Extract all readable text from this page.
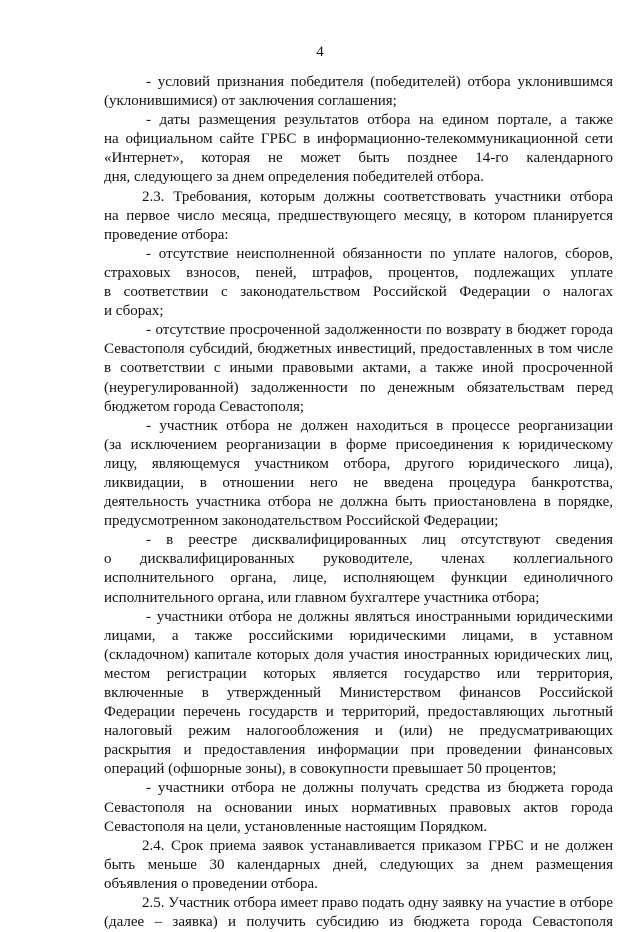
4
- условий признания победителя (победителей) отбора уклонившимся
(уклонившимися) от заключения соглашения;
- даты размещения результатов отбора на едином портале, а также
на официальном сайте ГРБС в информационно-телекоммуникационной сети
«Интернет», которая не может быть позднее 14-го календарного
дня, следующего за днем определения победителей отбора.
2.3. Требования, которым должны соответствовать участники отбора
на первое число месяца, предшествующего месяцу, в котором планируется
проведение отбора:
- отсутствие неисполненной обязанности по уплате налогов, сборов,
страховых взносов, пеней, штрафов, процентов, подлежащих уплате
в соответствии с законодательством Российской Федерации о налогах
и сборах;
- отсутствие просроченной задолженности по возврату в бюджет города
Севастополя субсидий, бюджетных инвестиций, предоставленных в том числе
в соответствии с иными правовыми актами, а также иной просроченной
(неурегулированной) задолженности по денежным обязательствам перед
бюджетом города Севастополя;
- участник отбора не должен находиться в процессе реорганизации
(за исключением реорганизации в форме присоединения к юридическому
лицу, являющемуся участником отбора, другого юридического лица),
ликвидации, в отношении него не введена процедура банкротства,
деятельность участника отбора не должна быть приостановлена в порядке,
предусмотренном законодательством Российской Федерации;
- в реестре дисквалифицированных лиц отсутствуют сведения
о дисквалифицированных руководителе, членах коллегиального
исполнительного органа, лице, исполняющем функции единоличного
исполнительного органа, или главном бухгалтере участника отбора;
- участники отбора не должны являться иностранными юридическими
лицами, а также российскими юридическими лицами, в уставном
(складочном) капитале которых доля участия иностранных юридических лиц,
местом регистрации которых является государство или территория,
включенные в утвержденный Министерством финансов Российской
Федерации перечень государств и территорий, предоставляющих льготный
налоговый режим налогообложения и (или) не предусматривающих
раскрытия и предоставления информации при проведении финансовых
операций (офшорные зоны), в совокупности превышает 50 процентов;
- участники отбора не должны получать средства из бюджета города
Севастополя на основании иных нормативных правовых актов города
Севастополя на цели, установленные настоящим Порядком.
2.4. Срок приема заявок устанавливается приказом ГРБС и не должен
быть меньше 30 календарных дней, следующих за днем размещения
объявления о проведении отбора.
2.5. Участник отбора имеет право подать одну заявку на участие в отборе
(далее – заявка) и получить субсидию из бюджета города Севастополя
